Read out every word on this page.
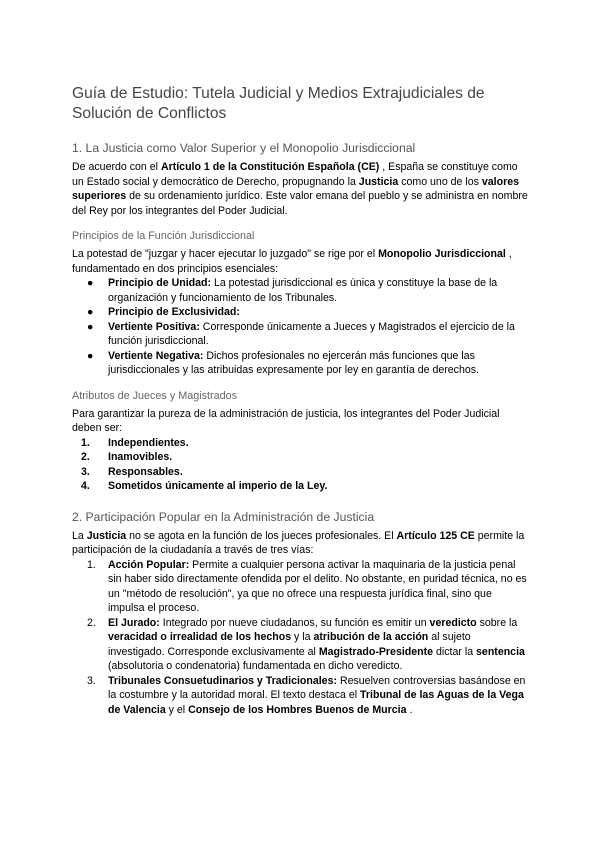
Guía de Estudio: Tutela Judicial y Medios Extrajudiciales de Solución de Conflictos
1. La Justicia como Valor Superior y el Monopolio Jurisdiccional

De acuerdo con el Artículo 1 de la Constitución Española (CE) , España se constituye como un Estado social y democrático de Derecho, propugnando la Justicia como uno de los valores superiores de su ordenamiento jurídico. Este valor emana del pueblo y se administra en nombre del Rey por los integrantes del Poder Judicial.

Principios de la Función Jurisdiccional

La potestad de "juzgar y hacer ejecutar lo juzgado" se rige por el Monopolio Jurisdiccional , fundamentado en dos principios esenciales:

● Principio de Unidad: La potestad jurisdiccional es única y constituye la base de la organización y funcionamiento de los Tribunales.
● Principio de Exclusividad:
● Vertiente Positiva: Corresponde únicamente a Jueces y Magistrados el ejercicio de la función jurisdiccional.
● Vertiente Negativa: Dichos profesionales no ejercerán más funciones que las jurisdiccionales y las atribuidas expresamente por ley en garantía de derechos.
Atributos de Jueces y Magistrados

Para garantizar la pureza de la administración de justicia, los integrantes del Poder Judicial deben ser:

1. Independientes.
2. Inamovibles.
3. Responsables.
4. Sometidos únicamente al imperio de la Ley.
2. Participación Popular en la Administración de Justicia

La Justicia no se agota en la función de los jueces profesionales. El Artículo 125 CE permite la participación de la ciudadanía a través de tres vías:

1. Acción Popular: Permite a cualquier persona activar la maquinaria de la justicia penal sin haber sido directamente ofendida por el delito. No obstante, en puridad técnica, no es un "método de resolución", ya que no ofrece una respuesta jurídica final, sino que impulsa el proceso.
2. El Jurado: Integrado por nueve ciudadanos, su función es emitir un veredicto sobre la veracidad o irrealidad de los hechos y la atribución de la acción al sujeto investigado. Corresponde exclusivamente al Magistrado-Presidente dictar la sentencia (absolutoria o condenatoria) fundamentada en dicho veredicto.
3. Tribunales Consuetudinarios y Tradicionales: Resuelven controversias basándose en la costumbre y la autoridad moral. El texto destaca el Tribunal de las Aguas de la Vega de Valencia y el Consejo de los Hombres Buenos de Murcia .
